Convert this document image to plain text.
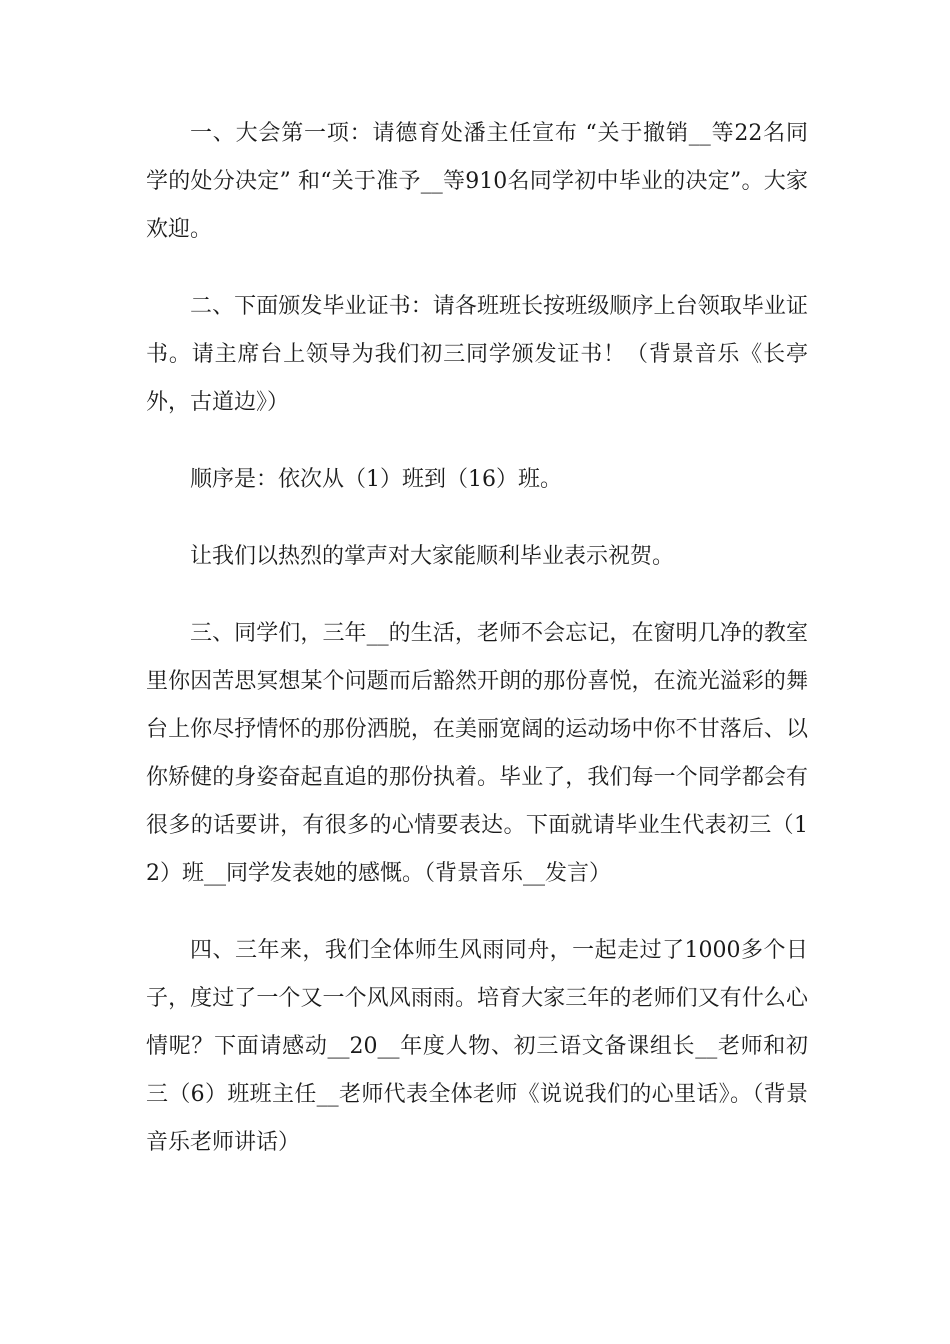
一、大会第一项：请德育处潘主任宣布 “关于撤销__等22名同学的处分决定” 和“关于准予__等910名同学初中毕业的决定”。大家欢迎。

二、下面颁发毕业证书：请各班班长按班级顺序上台领取毕业证书。请主席台上领导为我们初三同学颁发证书！（背景音乐《长亭外，古道边》）

顺序是：依次从（1）班到（16）班。

让我们以热烈的掌声对大家能顺利毕业表示祝贺。

三、同学们，三年__的生活，老师不会忘记，在窗明几净的教室里你因苦思冥想某个问题而后豁然开朗的那份喜悦，在流光溢彩的舞台上你尽抒情怀的那份洒脱，在美丽宽阔的运动场中你不甘落后、以你矫健的身姿奋起直追的那份执着。毕业了，我们每一个同学都会有很多的话要讲，有很多的心情要表达。下面就请毕业生代表初三（12）班__同学发表她的感慨。（背景音乐__发言）

四、三年来，我们全体师生风雨同舟，一起走过了1000多个日子，度过了一个又一个风风雨雨。培育大家三年的老师们又有什么心情呢？下面请感动__20__年度人物、初三语文备课组长__老师和初三（6）班班主任__老师代表全体老师《说说我们的心里话》。（背景音乐老师讲话）
